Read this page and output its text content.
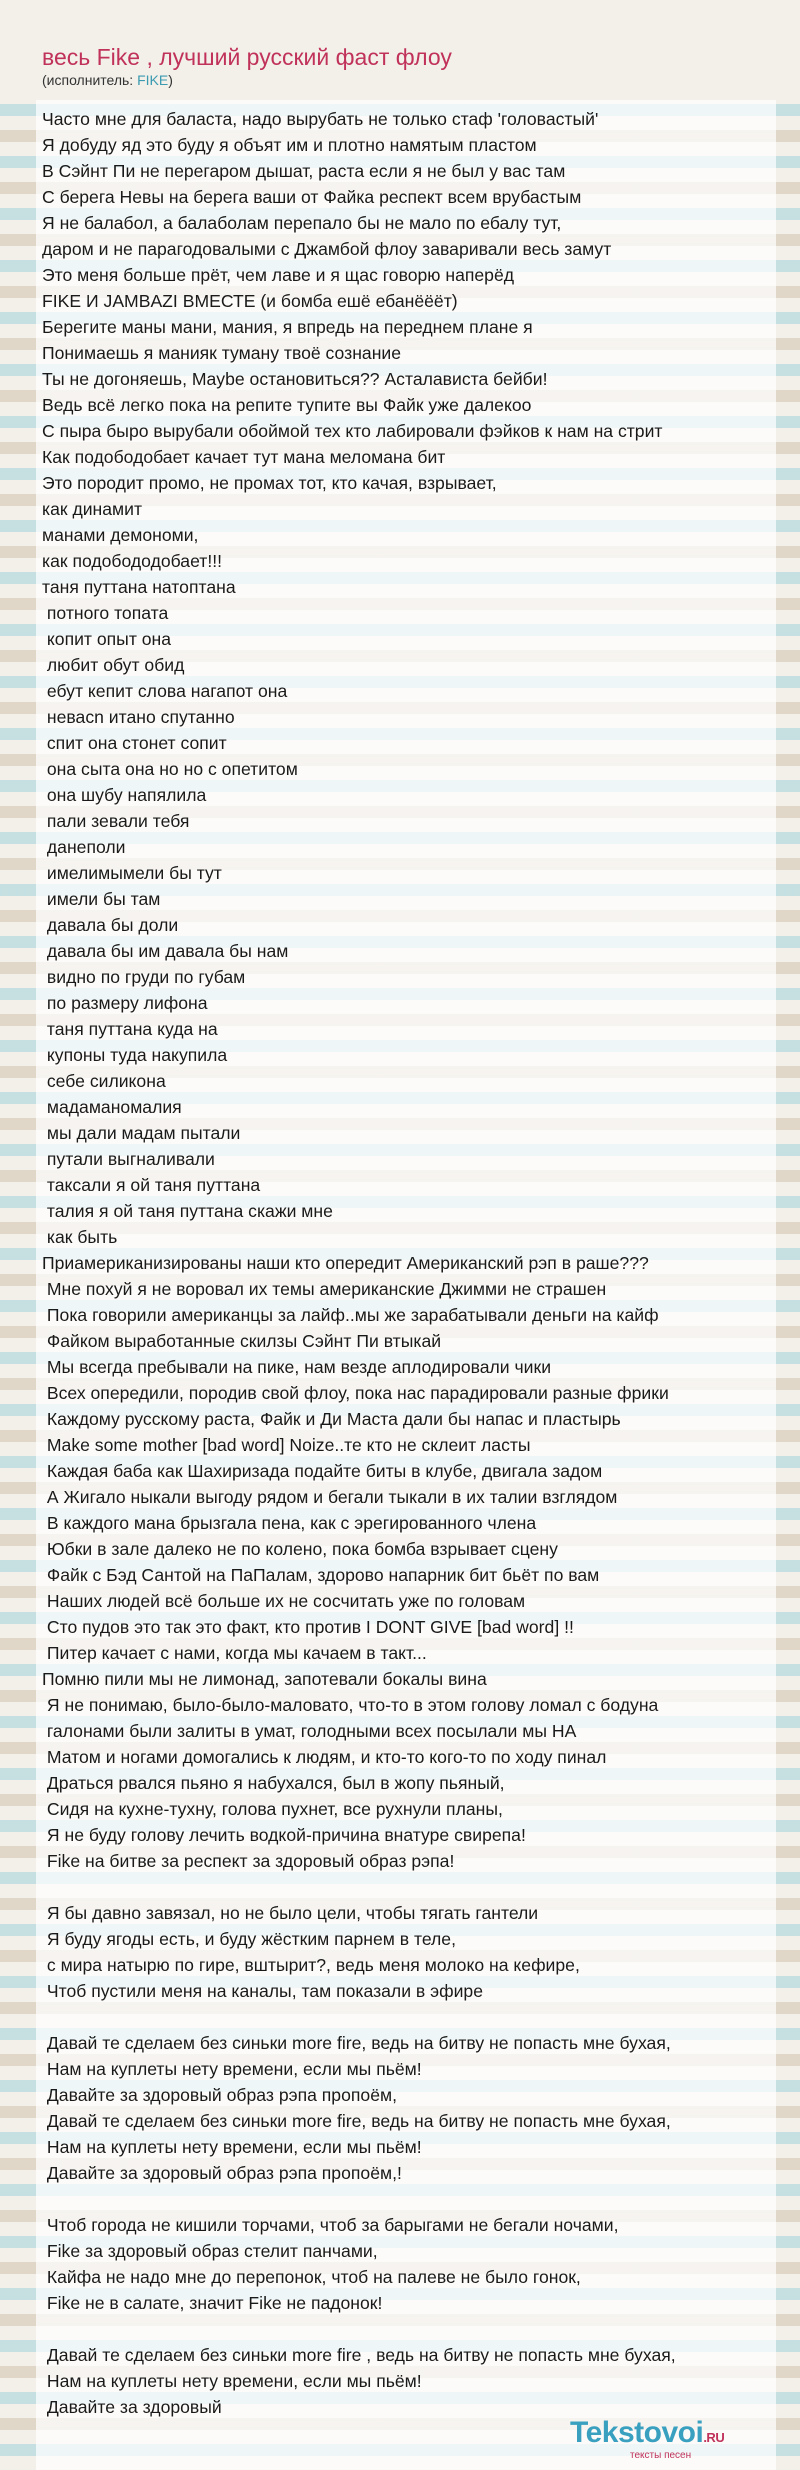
весь Fike , лучший русский фаст флоу
(исполнитель: FIKE)
Часто мне для баласта, надо вырубать не только стаф 'головастый'
Я добуду яд это буду я объят им и плотно намятым пластом
В Сэйнт Пи не перегаром дышат, раста если я не был у вас там
С берега Невы на берега ваши от Файка респект всем врубастым
Я не балабол, а балаболам перепало бы не мало по ебалу тут,
даром и не парагодовалыми с Джамбой флоу заваривали весь замут
Это меня больше прёт, чем лаве и я щас говорю наперёд
FIKE И JAMBAZI ВМЕСТЕ (и бомба ешё ебанёёёт)
Берегите маны мани, мания, я впредь на переднем плане я
Понимаешь я манияк туману твоё сознание
Ты не догоняешь, Maybe остановиться?? Асталависта бейби!
Ведь всё легко пока на репите тупите вы Файк уже далекоо
С пыра быро вырубали обоймой тех кто лабировали фэйков к нам на стрит
Как подободобает качает тут мана меломана бит
Это породит промо, не промах тот, кто качая, взрывает,
как динамит
манами демономи,
как подобододобает!!!
таня путтана натоптана
потного топата
копит опыт она
любит обут обид
ебут кепит слова нагапот она
невасn итано спутанно
спит она стонет сопит
она сыта она но но с опетитом
она шубу напялила
пали зевали тебя
данеполи
имелимымели бы тут
имели бы там
давала бы доли
давала бы им давала бы нам
видно по груди по губам
по размеру лифона
таня путтана куда на
купоны туда накупила
себе силикона
мадаманомалия
мы дали мадам пытали
путали выгналивали
таксали я ой таня путтана
талия я ой таня путтана скажи мне
как быть
Приамериканизированы наши кто опередит Американский рэп в раше???
Мне похуй я не воровал их темы американские Джимми не страшен
Пока говорили американцы за лайф..мы же зарабатывали деньги на кайф
Файком выработанные скилзы Сэйнт Пи втыкай
Мы всегда пребывали на пике, нам везде аплодировали чики
Всех опередили, породив свой флоу, пока нас парадировали разные фрики
Каждому русскому раста, Файк и Ди Маста дали бы напас и пластырь
Make some mother [bad word] Noize..те кто не склеит ласты
Каждая баба как Шахиризада подайте биты в клубе, двигала задом
А Жигало ныкали выгоду рядом и бегали тыкали в их талии взглядом
В каждого мана брызгала пена, как с эрегированного члена
Юбки в зале далеко не по колено, пока бомба взрывает сцену
Файк с Бэд Сантой на ПаПалам, здорово напарник бит бьёт по вам
Наших людей всё больше их не сосчитать уже по головам
Сто пудов это так это факт, кто против I DONT GIVE [bad word] !!
Питер качает с нами, когда мы качаем в такт...
Помню пили мы не лимонад, запотевали бокалы вина
Я не понимаю, было-было-маловато, что-то в этом голову ломал с бодуна
галонами были залиты в умат, голодными всех посылали мы НА
Матом и ногами домогались к людям, и кто-то кого-то по ходу пинал
Драться рвался пьяно я набухался, был в жопу пьяный,
Сидя на кухне-тухну, голова пухнет, все рухнули планы,
Я не буду голову лечить водкой-причина внатуре свирепа!
Fike на битве за респект за здоровый образ рэпа!
Я бы давно завязал, но не было цели, чтобы тягать гантели
Я буду ягоды есть, и буду жёстким парнем в теле,
с мира натырю по гире, вштырит?, ведь меня молоко на кефире,
Чтоб пустили меня на каналы, там показали в эфире
Давай те сделаем без синьки more fire, ведь на битву не попасть мне бухая,
Нам на куплеты нету времени, если мы пьём!
Давайте за здоровый образ рэпа пропоём,
Давай те сделаем без синьки more fire, ведь на битву не попасть мне бухая,
Нам на куплеты нету времени, если мы пьём!
Давайте за здоровый образ рэпа пропоём,!
Чтоб города не кишили торчами, чтоб за барыгами не бегали ночами,
Fike за здоровый образ стелит панчами,
Кайфа не надо мне до перепонок, чтоб на палеве не было гонок,
Fike не в салате, значит Fike не падонок!
Давай те сделаем без синьки more fire , ведь на битву не попасть мне бухая,
Нам на куплеты нету времени, если мы пьём!
Давайте за здоровый
Tekstovoi.RU
тексты песен
